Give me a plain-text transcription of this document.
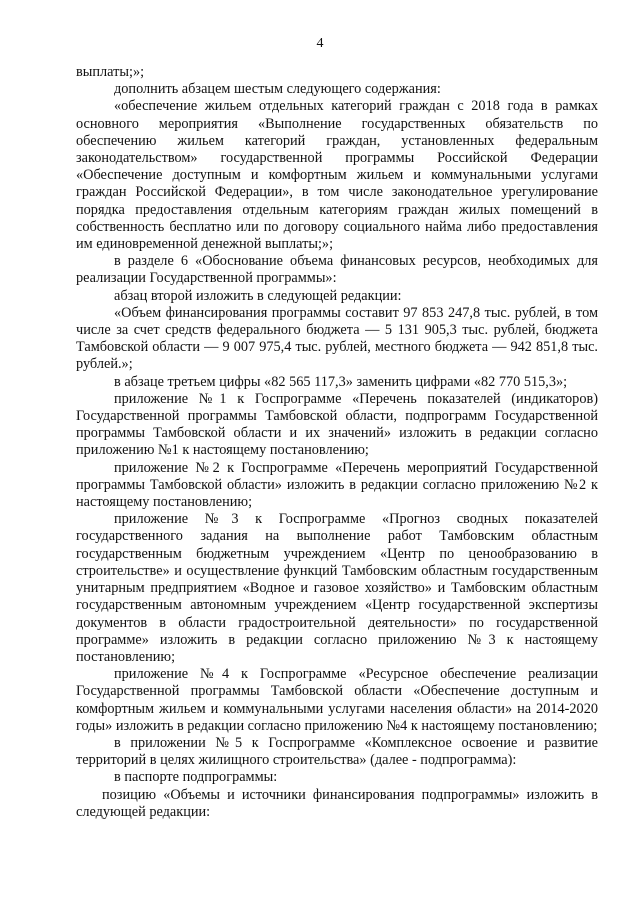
4

выплаты;»;

дополнить абзацем шестым следующего содержания:

«обеспечение жильем отдельных категорий граждан с 2018 года в рамках основного мероприятия «Выполнение государственных обязательств по обеспечению жильем категорий граждан, установленных федеральным законодательством» государственной программы Российской Федерации «Обеспечение доступным и комфортным жильем и коммунальными услугами граждан Российской Федерации», в том числе законодательное урегулирование порядка предоставления отдельным категориям граждан жилых помещений в собственность бесплатно или по договору социального найма либо предоставления им единовременной денежной выплаты;»;

в разделе 6 «Обоснование объема финансовых ресурсов, необходимых для реализации Государственной программы»:

абзац второй изложить в следующей редакции:

«Объем финансирования программы составит 97 853 247,8 тыс. рублей, в том числе за счет средств федерального бюджета — 5 131 905,3 тыс. рублей, бюджета Тамбовской области — 9 007 975,4 тыс. рублей, местного бюджета — 942 851,8 тыс. рублей.»;

в абзаце третьем цифры «82 565 117,3» заменить цифрами «82 770 515,3»;

приложение №1 к Госпрограмме «Перечень показателей (индикаторов) Государственной программы Тамбовской области, подпрограмм Государственной программы Тамбовской области и их значений» изложить в редакции согласно приложению №1 к настоящему постановлению;

приложение №2 к Госпрограмме «Перечень мероприятий Государственной программы Тамбовской области» изложить в редакции согласно приложению №2 к настоящему постановлению;

приложение №3 к Госпрограмме «Прогноз сводных показателей государственного задания на выполнение работ Тамбовским областным государственным бюджетным учреждением «Центр по ценообразованию в строительстве» и осуществление функций Тамбовским областным государственным унитарным предприятием «Водное и газовое хозяйство» и Тамбовским областным государственным автономным учреждением «Центр государственной экспертизы документов в области градостроительной деятельности» по государственной программе» изложить в редакции согласно приложению №3 к настоящему постановлению;

приложение №4 к Госпрограмме «Ресурсное обеспечение реализации Государственной программы Тамбовской области «Обеспечение доступным и комфортным жильем и коммунальными услугами населения области» на 2014-2020 годы» изложить в редакции согласно приложению №4 к настоящему постановлению;

в приложении №5 к Госпрограмме «Комплексное освоение и развитие территорий в целях жилищного строительства» (далее - подпрограмма):

в паспорте подпрограммы:

позицию «Объемы и источники финансирования подпрограммы» изложить в следующей редакции:
